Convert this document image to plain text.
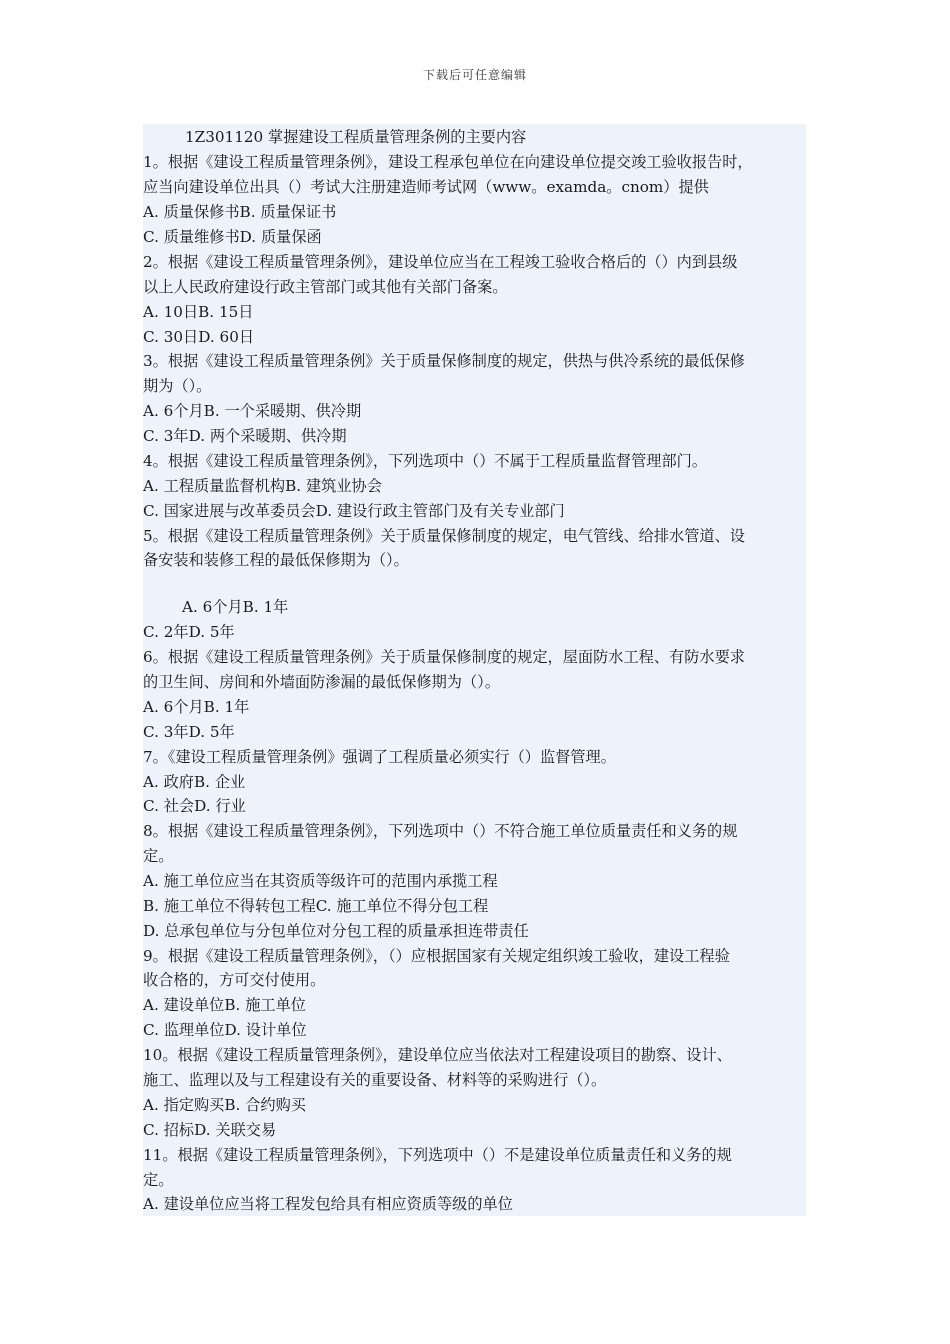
下载后可任意编辑
1Z301120 掌握建设工程质量管理条例的主要内容
1。根据《建设工程质量管理条例》，建设工程承包单位在向建设单位提交竣工验收报告时，
应当向建设单位出具（）考试大注册建造师考试网（www。examda。cnom）提供
A. 质量保修书B. 质量保证书
C. 质量维修书D. 质量保函
2。根据《建设工程质量管理条例》，建设单位应当在工程竣工验收合格后的（）内到县级
以上人民政府建设行政主管部门或其他有关部门备案。
A. 10日B. 15日
C. 30日D. 60日
3。根据《建设工程质量管理条例》关于质量保修制度的规定，供热与供冷系统的最低保修
期为（）。
A. 6个月B. 一个采暖期、供冷期
C. 3年D. 两个采暖期、供冷期
4。根据《建设工程质量管理条例》，下列选项中（）不属于工程质量监督管理部门。
A. 工程质量监督机构B. 建筑业协会
C. 国家进展与改革委员会D. 建设行政主管部门及有关专业部门
5。根据《建设工程质量管理条例》关于质量保修制度的规定，电气管线、给排水管道、设
备安装和装修工程的最低保修期为（）。
A. 6个月B. 1年
C. 2年D. 5年
6。根据《建设工程质量管理条例》关于质量保修制度的规定，屋面防水工程、有防水要求
的卫生间、房间和外墙面防渗漏的最低保修期为（）。
A. 6个月B. 1年
C. 3年D. 5年
7。《建设工程质量管理条例》强调了工程质量必须实行（）监督管理。
A. 政府B. 企业
C. 社会D. 行业
8。根据《建设工程质量管理条例》，下列选项中（）不符合施工单位质量责任和义务的规
定。
A. 施工单位应当在其资质等级许可的范围内承揽工程
B. 施工单位不得转包工程C. 施工单位不得分包工程
D. 总承包单位与分包单位对分包工程的质量承担连带责任
9。根据《建设工程质量管理条例》，（）应根据国家有关规定组织竣工验收，建设工程验
收合格的，方可交付使用。
A. 建设单位B. 施工单位
C. 监理单位D. 设计单位
10。根据《建设工程质量管理条例》，建设单位应当依法对工程建设项目的勘察、设计、
施工、监理以及与工程建设有关的重要设备、材料等的采购进行（）。
A. 指定购买B. 合约购买
C. 招标D. 关联交易
11。根据《建设工程质量管理条例》，下列选项中（）不是建设单位质量责任和义务的规
定。
A. 建设单位应当将工程发包给具有相应资质等级的单位
